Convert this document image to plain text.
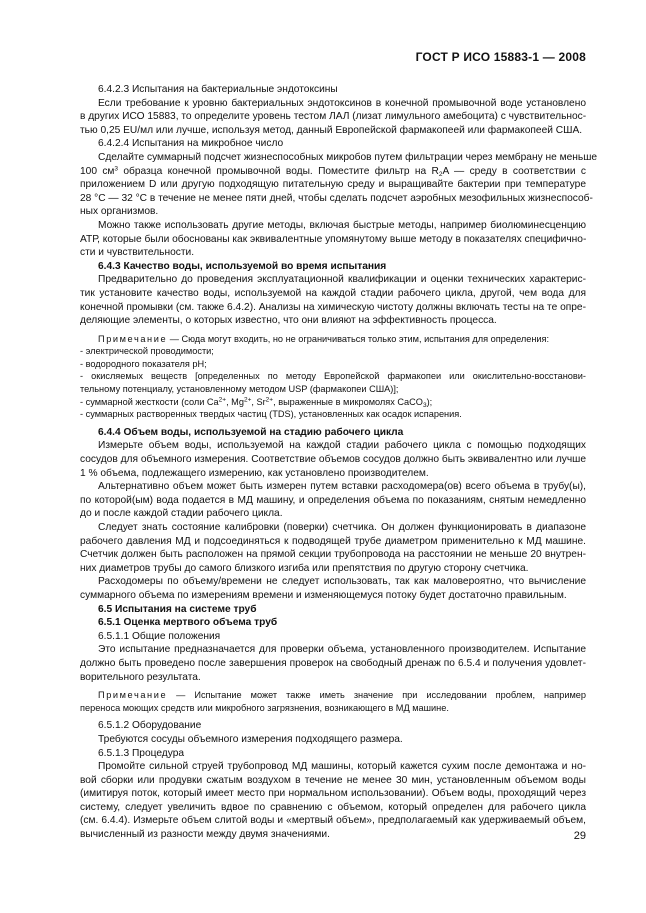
ГОСТ Р ИСО 15883-1 — 2008
6.4.2.3 Испытания на бактериальные эндотоксины
Если требование к уровню бактериальных эндотоксинов в конечной промывочной воде установлено
в других ИСО 15883, то определите уровень тестом ЛАЛ (лизат лимульного амебоцита) с чувствительнос-
тью 0,25 EU/мл или лучше, используя метод, данный Европейской фармакопеей или фармакопеей США.
6.4.2.4 Испытания на микробное число
Сделайте суммарный подсчет жизнеспособных микробов путем фильтрации через мембрану не меньше
100 $см^3$ образца конечной промывочной воды. Поместите фильтр на $R_2A$ — среду в соответствии с
приложением D или другую подходящую питательную среду и выращивайте бактерии при температуре
28 °C — 32 °C в течение не менее пяти дней, чтобы сделать подсчет аэробных мезофильных жизнеспособ-
ных организмов.
Можно также использовать другие методы, включая быстрые методы, например биолюминесценцию
АТР, которые были обоснованы как эквивалентные упомянутому выше методу в показателях специфично-
сти и чувствительности.
6.4.3 Качество воды, используемой во время испытания
Предварительно до проведения эксплуатационной квалификации и оценки технических характерис-
тик установите качество воды, используемой на каждой стадии рабочего цикла, другой, чем вода для
конечной промывки (см. также 6.4.2). Анализы на химическую чистоту должны включать тесты на те опре-
деляющие элементы, о которых известно, что они влияют на эффективность процесса.
Примечание — Сюда могут входить, но не ограничиваться только этим, испытания для определения:
- электрической проводимости;
- водородного показателя рН;
- окисляемых веществ [определенных по методу Европейской фармакопеи или окислительно-восстанови-
тельному потенциалу, установленному методом USP (фармакопеи США)];
- суммарной жесткости (соли $Ca^{2+}$, $Mg^{2+}$, $Sr^{2+}$, выраженные в микромолях CaCO$_3$);
- суммарных растворенных твердых частиц (TDS), установленных как осадок испарения.
6.4.4 Объем воды, используемой на стадию рабочего цикла
Измерьте объем воды, используемой на каждой стадии рабочего цикла с помощью подходящих
сосудов для объемного измерения. Соответствие объемов сосудов должно быть эквивалентно или лучше
1 % объема, подлежащего измерению, как установлено производителем.
Альтернативно объем может быть измерен путем вставки расходомера(ов) всего объема в трубу(ы),
по которой(ым) вода подается в МД машину, и определения объема по показаниям, снятым немедленно
до и после каждой стадии рабочего цикла.
Следует знать состояние калибровки (поверки) счетчика. Он должен функционировать в диапазоне
рабочего давления МД и подсоединяться к подводящей трубе диаметром применительно к МД машине.
Счетчик должен быть расположен на прямой секции трубопровода на расстоянии не меньше 20 внутрен-
них диаметров трубы до самого близкого изгиба или препятствия по другую сторону счетчика.
Расходомеры по объему/времени не следует использовать, так как маловероятно, что вычисление
суммарного объема по измерениям времени и изменяющемуся потоку будет достаточно правильным.
6.5 Испытания на системе труб
6.5.1 Оценка мертвого объема труб
6.5.1.1 Общие положения
Это испытание предназначается для проверки объема, установленного производителем. Испытание
должно быть проведено после завершения проверок на свободный дренаж по 6.5.4 и получения удовлет-
ворительного результата.
Примечание — Испытание может также иметь значение при исследовании проблем, например
переноса моющих средств или микробного загрязнения, возникающего в МД машине.
6.5.1.2 Оборудование
Требуются сосуды объемного измерения подходящего размера.
6.5.1.3 Процедура
Промойте сильной струей трубопровод МД машины, который кажется сухим после демонтажа и но-
вой сборки или продувки сжатым воздухом в течение не менее 30 мин, установленным объемом воды
(имитируя поток, который имеет место при нормальном использовании). Объем воды, проходящий через
систему, следует увеличить вдвое по сравнению с объемом, который определен для рабочего цикла
(см. 6.4.4). Измерьте объем слитой воды и «мертвый объем», предполагаемый как удерживаемый объем,
вычисленный из разности между двумя значениями.	29
